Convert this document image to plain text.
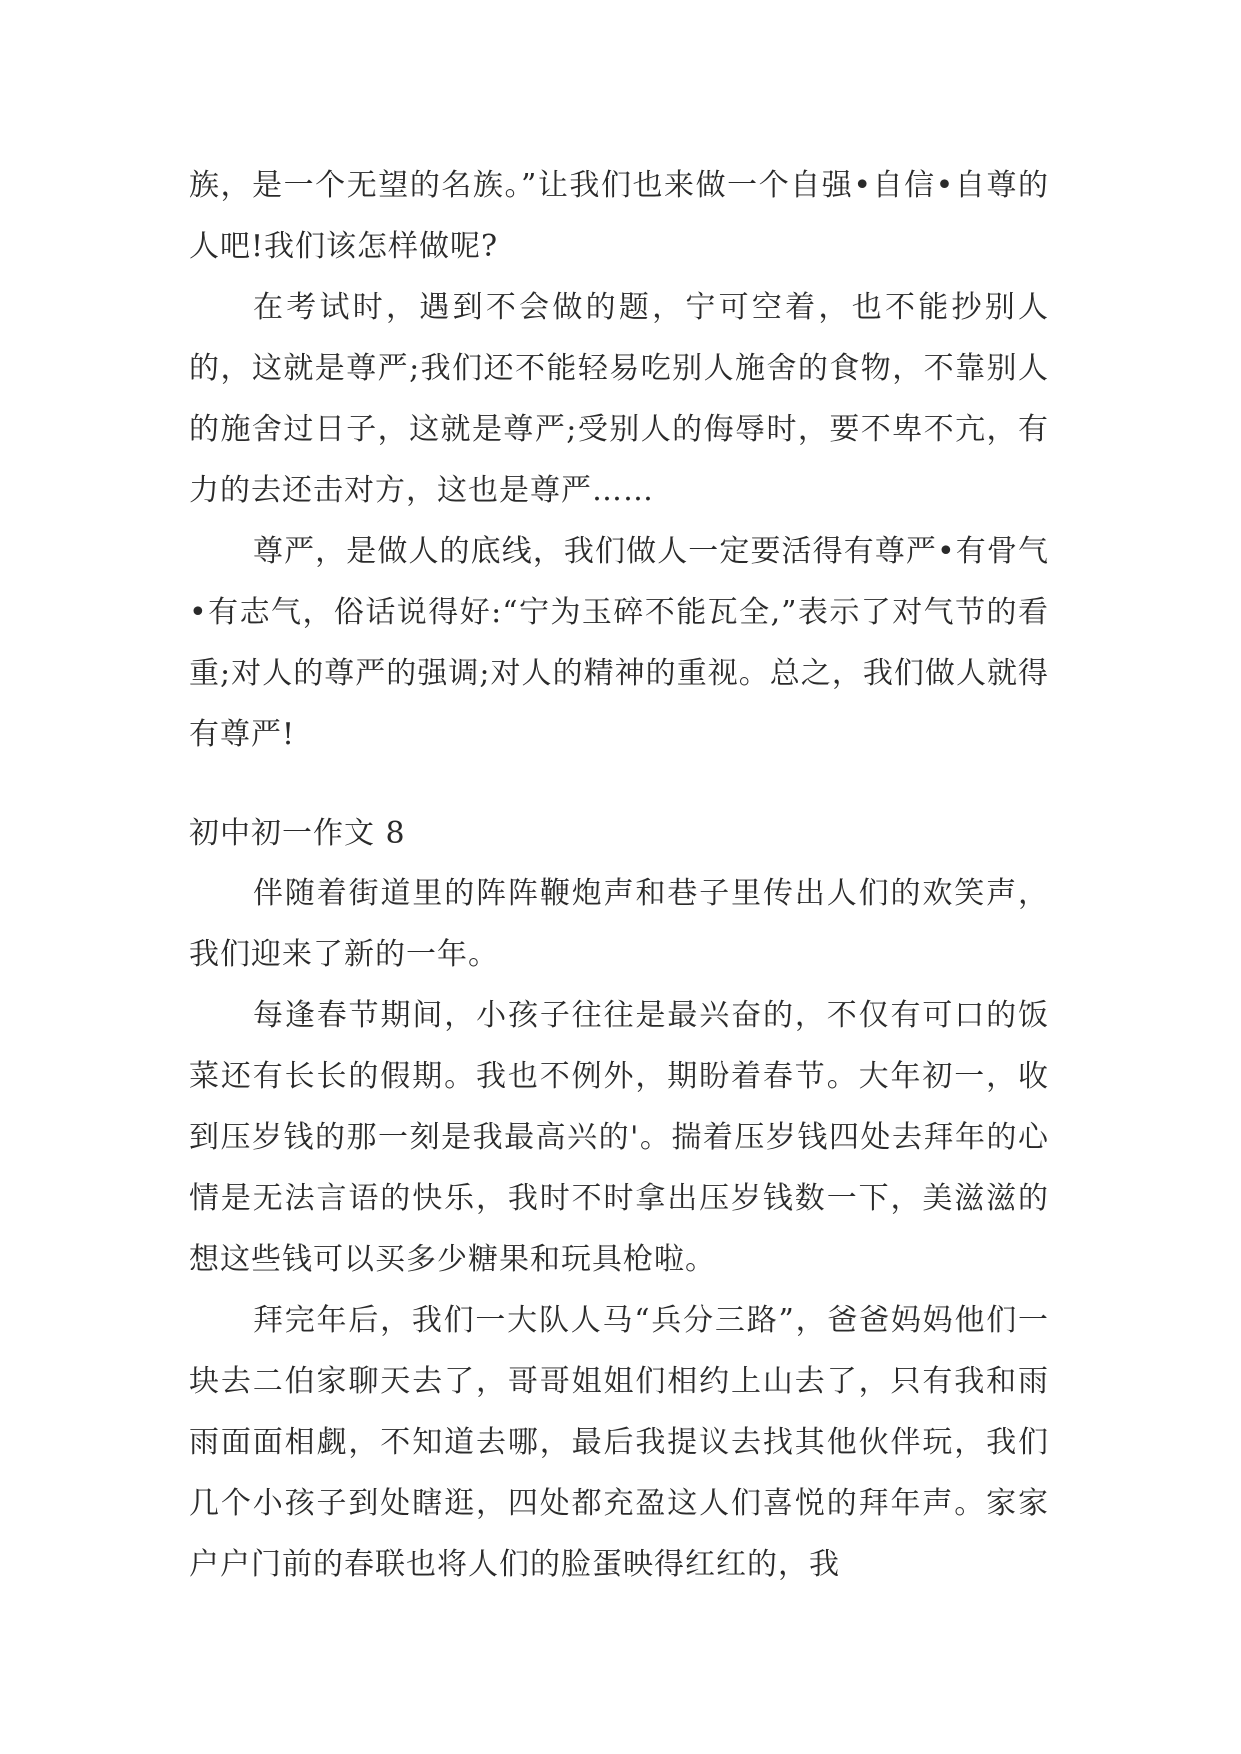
族，是一个无望的名族。”让我们也来做一个自强•自信•自尊的人吧!我们该怎样做呢?

在考试时，遇到不会做的题，宁可空着，也不能抄别人的，这就是尊严;我们还不能轻易吃别人施舍的食物，不靠别人的施舍过日子，这就是尊严;受别人的侮辱时，要不卑不亢，有力的去还击对方，这也是尊严……

尊严，是做人的底线，我们做人一定要活得有尊严•有骨气•有志气，俗话说得好:“宁为玉碎不能瓦全,”表示了对气节的看重;对人的尊严的强调;对人的精神的重视。总之，我们做人就得有尊严!

初中初一作文 8

伴随着街道里的阵阵鞭炮声和巷子里传出人们的欢笑声，我们迎来了新的一年。

每逢春节期间，小孩子往往是最兴奋的，不仅有可口的饭菜还有长长的假期。我也不例外，期盼着春节。大年初一，收到压岁钱的那一刻是我最高兴的'。揣着压岁钱四处去拜年的心情是无法言语的快乐，我时不时拿出压岁钱数一下，美滋滋的想这些钱可以买多少糖果和玩具枪啦。

拜完年后，我们一大队人马“兵分三路”，爸爸妈妈他们一块去二伯家聊天去了，哥哥姐姐们相约上山去了，只有我和雨雨面面相觑，不知道去哪，最后我提议去找其他伙伴玩，我们几个小孩子到处瞎逛，四处都充盈这人们喜悦的拜年声。家家户户门前的春联也将人们的脸蛋映得红红的，我
